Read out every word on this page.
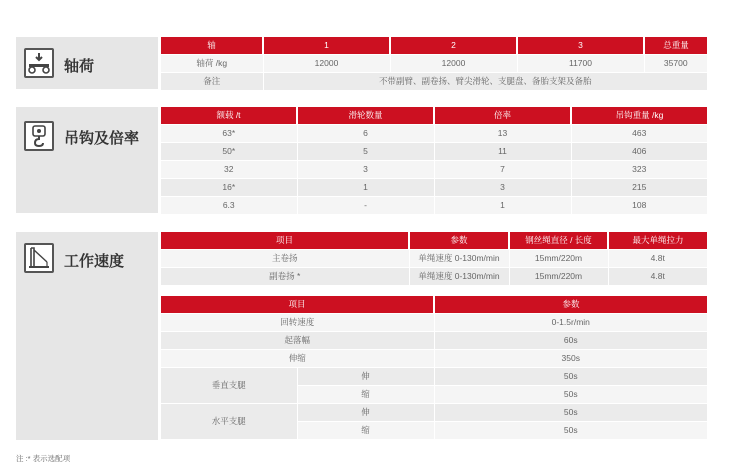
轴荷
轴	1	2	3	总重量
轴荷 /kg	12000	12000	11700	35700
备注	不带副臂、副卷扬、臂尖滑轮、支腿盘、备胎支架及备胎			
吊钩及倍率
额载 /t	滑轮数量	倍率	吊钩重量 /kg
63*	6	13	463
50*	5	11	406
32	3	7	323
16*	1	3	215
6.3	-	1	108
工作速度
项目	参数	钢丝绳直径 / 长度	最大单绳拉力
主卷扬	单绳速度 0-130m/min	15mm/220m	4.8t
副卷扬 *	单绳速度 0-130m/min	15mm/220m	4.8t
项目		参数
回转速度		0-1.5r/min
起落幅		60s
伸缩		350s
垂直支腿	伸	50s
	缩	50s
水平支腿	伸	50s
	缩	50s
注 :* 表示选配项
